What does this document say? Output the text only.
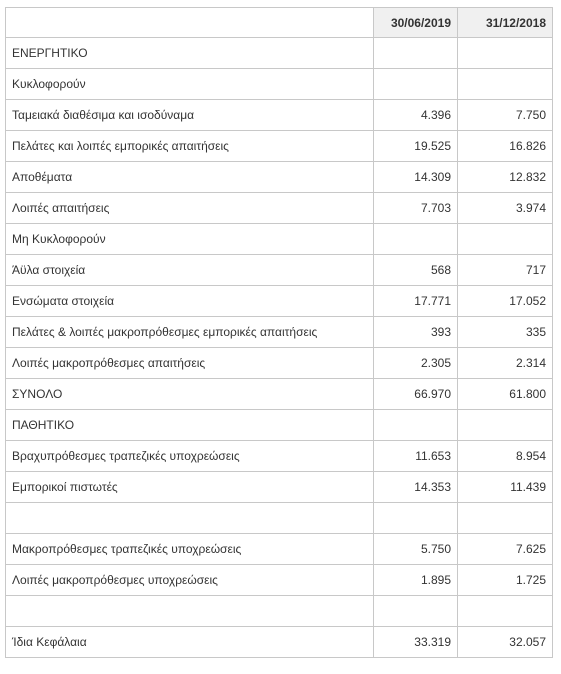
	30/06/2019	31/12/2018
ΕΝΕΡΓΗΤΙΚΟ		
Κυκλοφορούν		
Ταμειακά διαθέσιμα και ισοδύναμα	4.396	7.750
Πελάτες και λοιπές εμπορικές απαιτήσεις	19.525	16.826
Αποθέματα	14.309	12.832
Λοιπές απαιτήσεις	7.703	3.974
Μη Κυκλοφορούν		
Άϋλα στοιχεία	568	717
Ενσώματα στοιχεία	17.771	17.052
Πελάτες & λοιπές μακροπρόθεσμες εμπορικές απαιτήσεις	393	335
Λοιπές μακροπρόθεσμες απαιτήσεις	2.305	2.314
ΣΥΝΟΛΟ	66.970	61.800
ΠΑΘΗΤΙΚΟ		
Βραχυπρόθεσμες τραπεζικές υποχρεώσεις	11.653	8.954
Εμπορικοί πιστωτές	14.353	11.439

Μακροπρόθεσμες τραπεζικές υποχρεώσεις	5.750	7.625
Λοιπές μακροπρόθεσμες υποχρεώσεις	1.895	1.725

Ίδια Κεφάλαια	33.319	32.057
